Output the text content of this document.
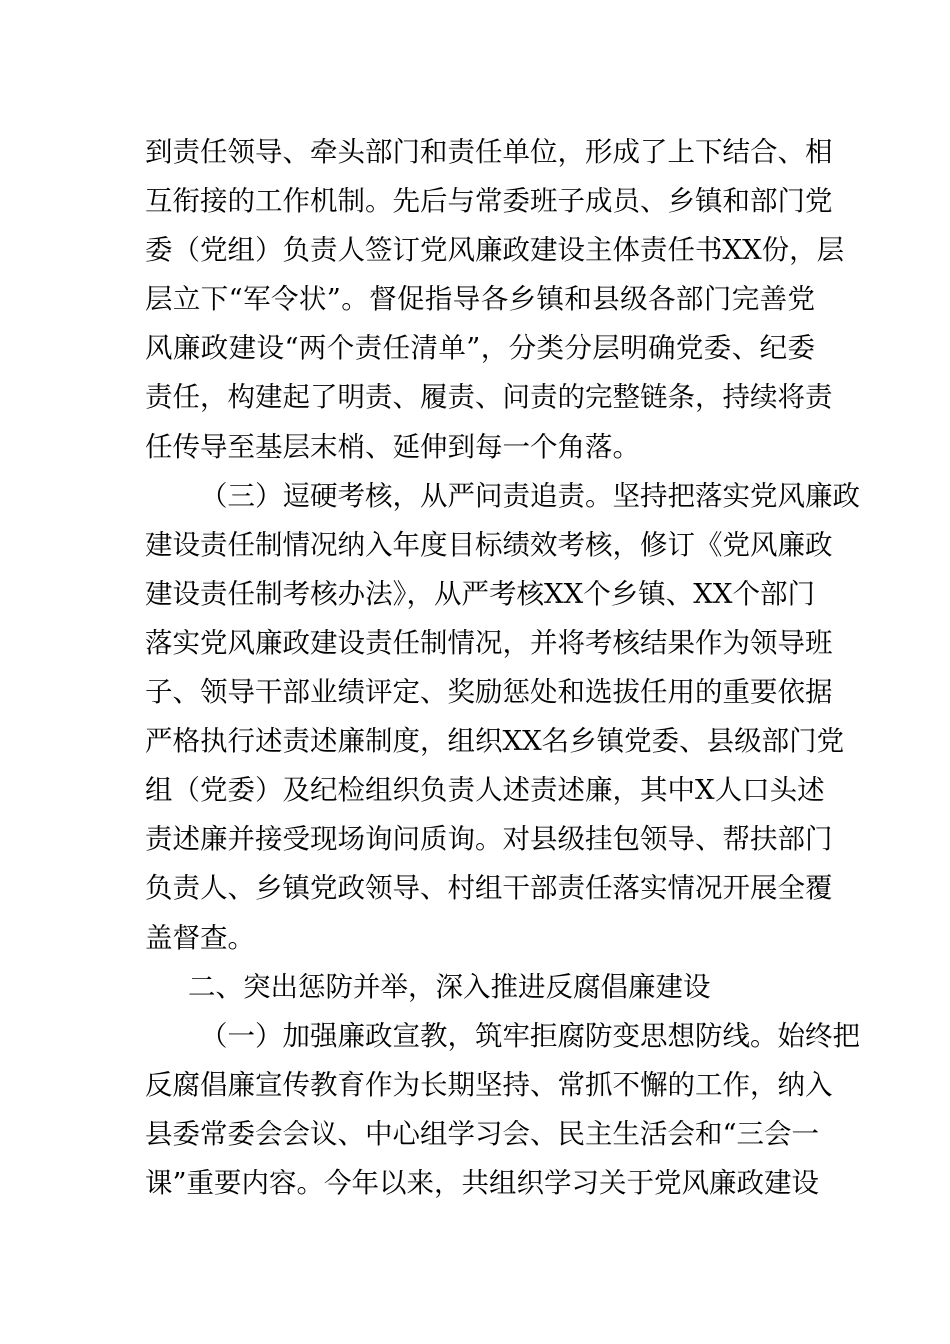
到责任领导、牵头部门和责任单位，形成了上下结合、相
互衔接的工作机制。先后与常委班子成员、乡镇和部门党
委（党组）负责人签订党风廉政建设主体责任书XX份，层
层立下“军令状”。督促指导各乡镇和县级各部门完善党
风廉政建设“两个责任清单”，分类分层明确党委、纪委
责任，构建起了明责、履责、问责的完整链条，持续将责
任传导至基层末梢、延伸到每一个角落。
（三）逗硬考核，从严问责追责。坚持把落实党风廉政
建设责任制情况纳入年度目标绩效考核，修订《党风廉政
建设责任制考核办法》，从严考核XX个乡镇、XX个部门
落实党风廉政建设责任制情况，并将考核结果作为领导班
子、领导干部业绩评定、奖励惩处和选拔任用的重要依据
严格执行述责述廉制度，组织XX名乡镇党委、县级部门党
组（党委）及纪检组织负责人述责述廉，其中X人口头述
责述廉并接受现场询问质询。对县级挂包领导、帮扶部门
负责人、乡镇党政领导、村组干部责任落实情况开展全覆
盖督查。
二、突出惩防并举，深入推进反腐倡廉建设
（一）加强廉政宣教，筑牢拒腐防变思想防线。始终把
反腐倡廉宣传教育作为长期坚持、常抓不懈的工作，纳入
县委常委会会议、中心组学习会、民主生活会和“三会一
课”重要内容。今年以来，共组织学习关于党风廉政建设
